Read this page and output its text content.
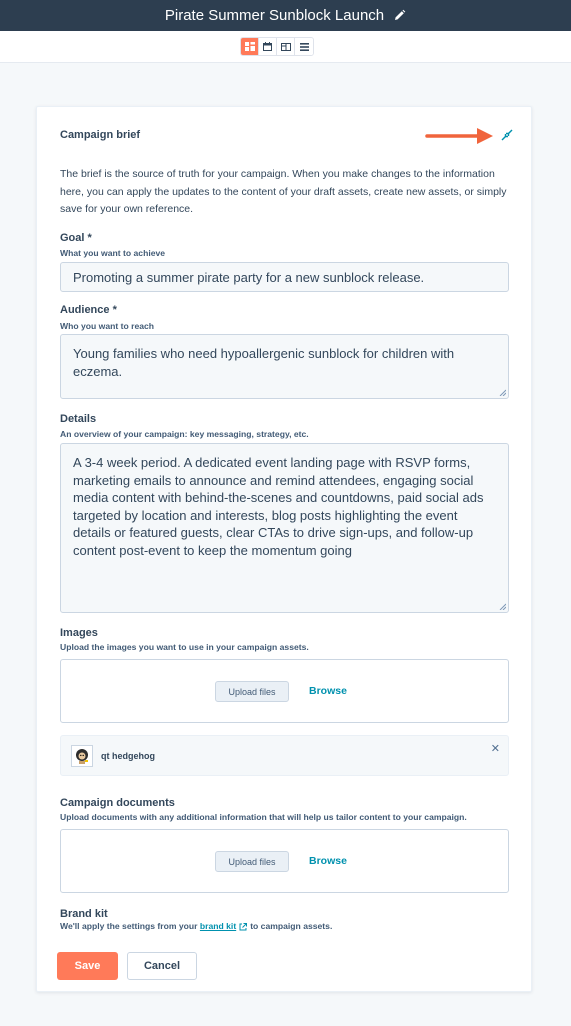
Pirate Summer Sunblock Launch
Campaign brief
The brief is the source of truth for your campaign. When you make changes to the information here, you can apply the updates to the content of your draft assets, create new assets, or simply save for your own reference.
Goal *
What you want to achieve
Promoting a summer pirate party for a new sunblock release.
Audience *
Who you want to reach
Young families who need hypoallergenic sunblock for children with eczema.
Details
An overview of your campaign: key messaging, strategy, etc.
A 3-4 week period. A dedicated event landing page with RSVP forms, marketing emails to announce and remind attendees, engaging social media content with behind-the-scenes and countdowns, paid social ads targeted by location and interests, blog posts highlighting the event details or featured guests, clear CTAs to drive sign-ups, and follow-up content post-event to keep the momentum going
Images
Upload the images you want to use in your campaign assets.
Upload files	Browse
qt hedgehog
✕
Campaign documents
Upload documents with any additional information that will help us tailor content to your campaign.
Upload files	Browse
Brand kit
We'll apply the settings from your brand kit to campaign assets.
Save	Cancel
